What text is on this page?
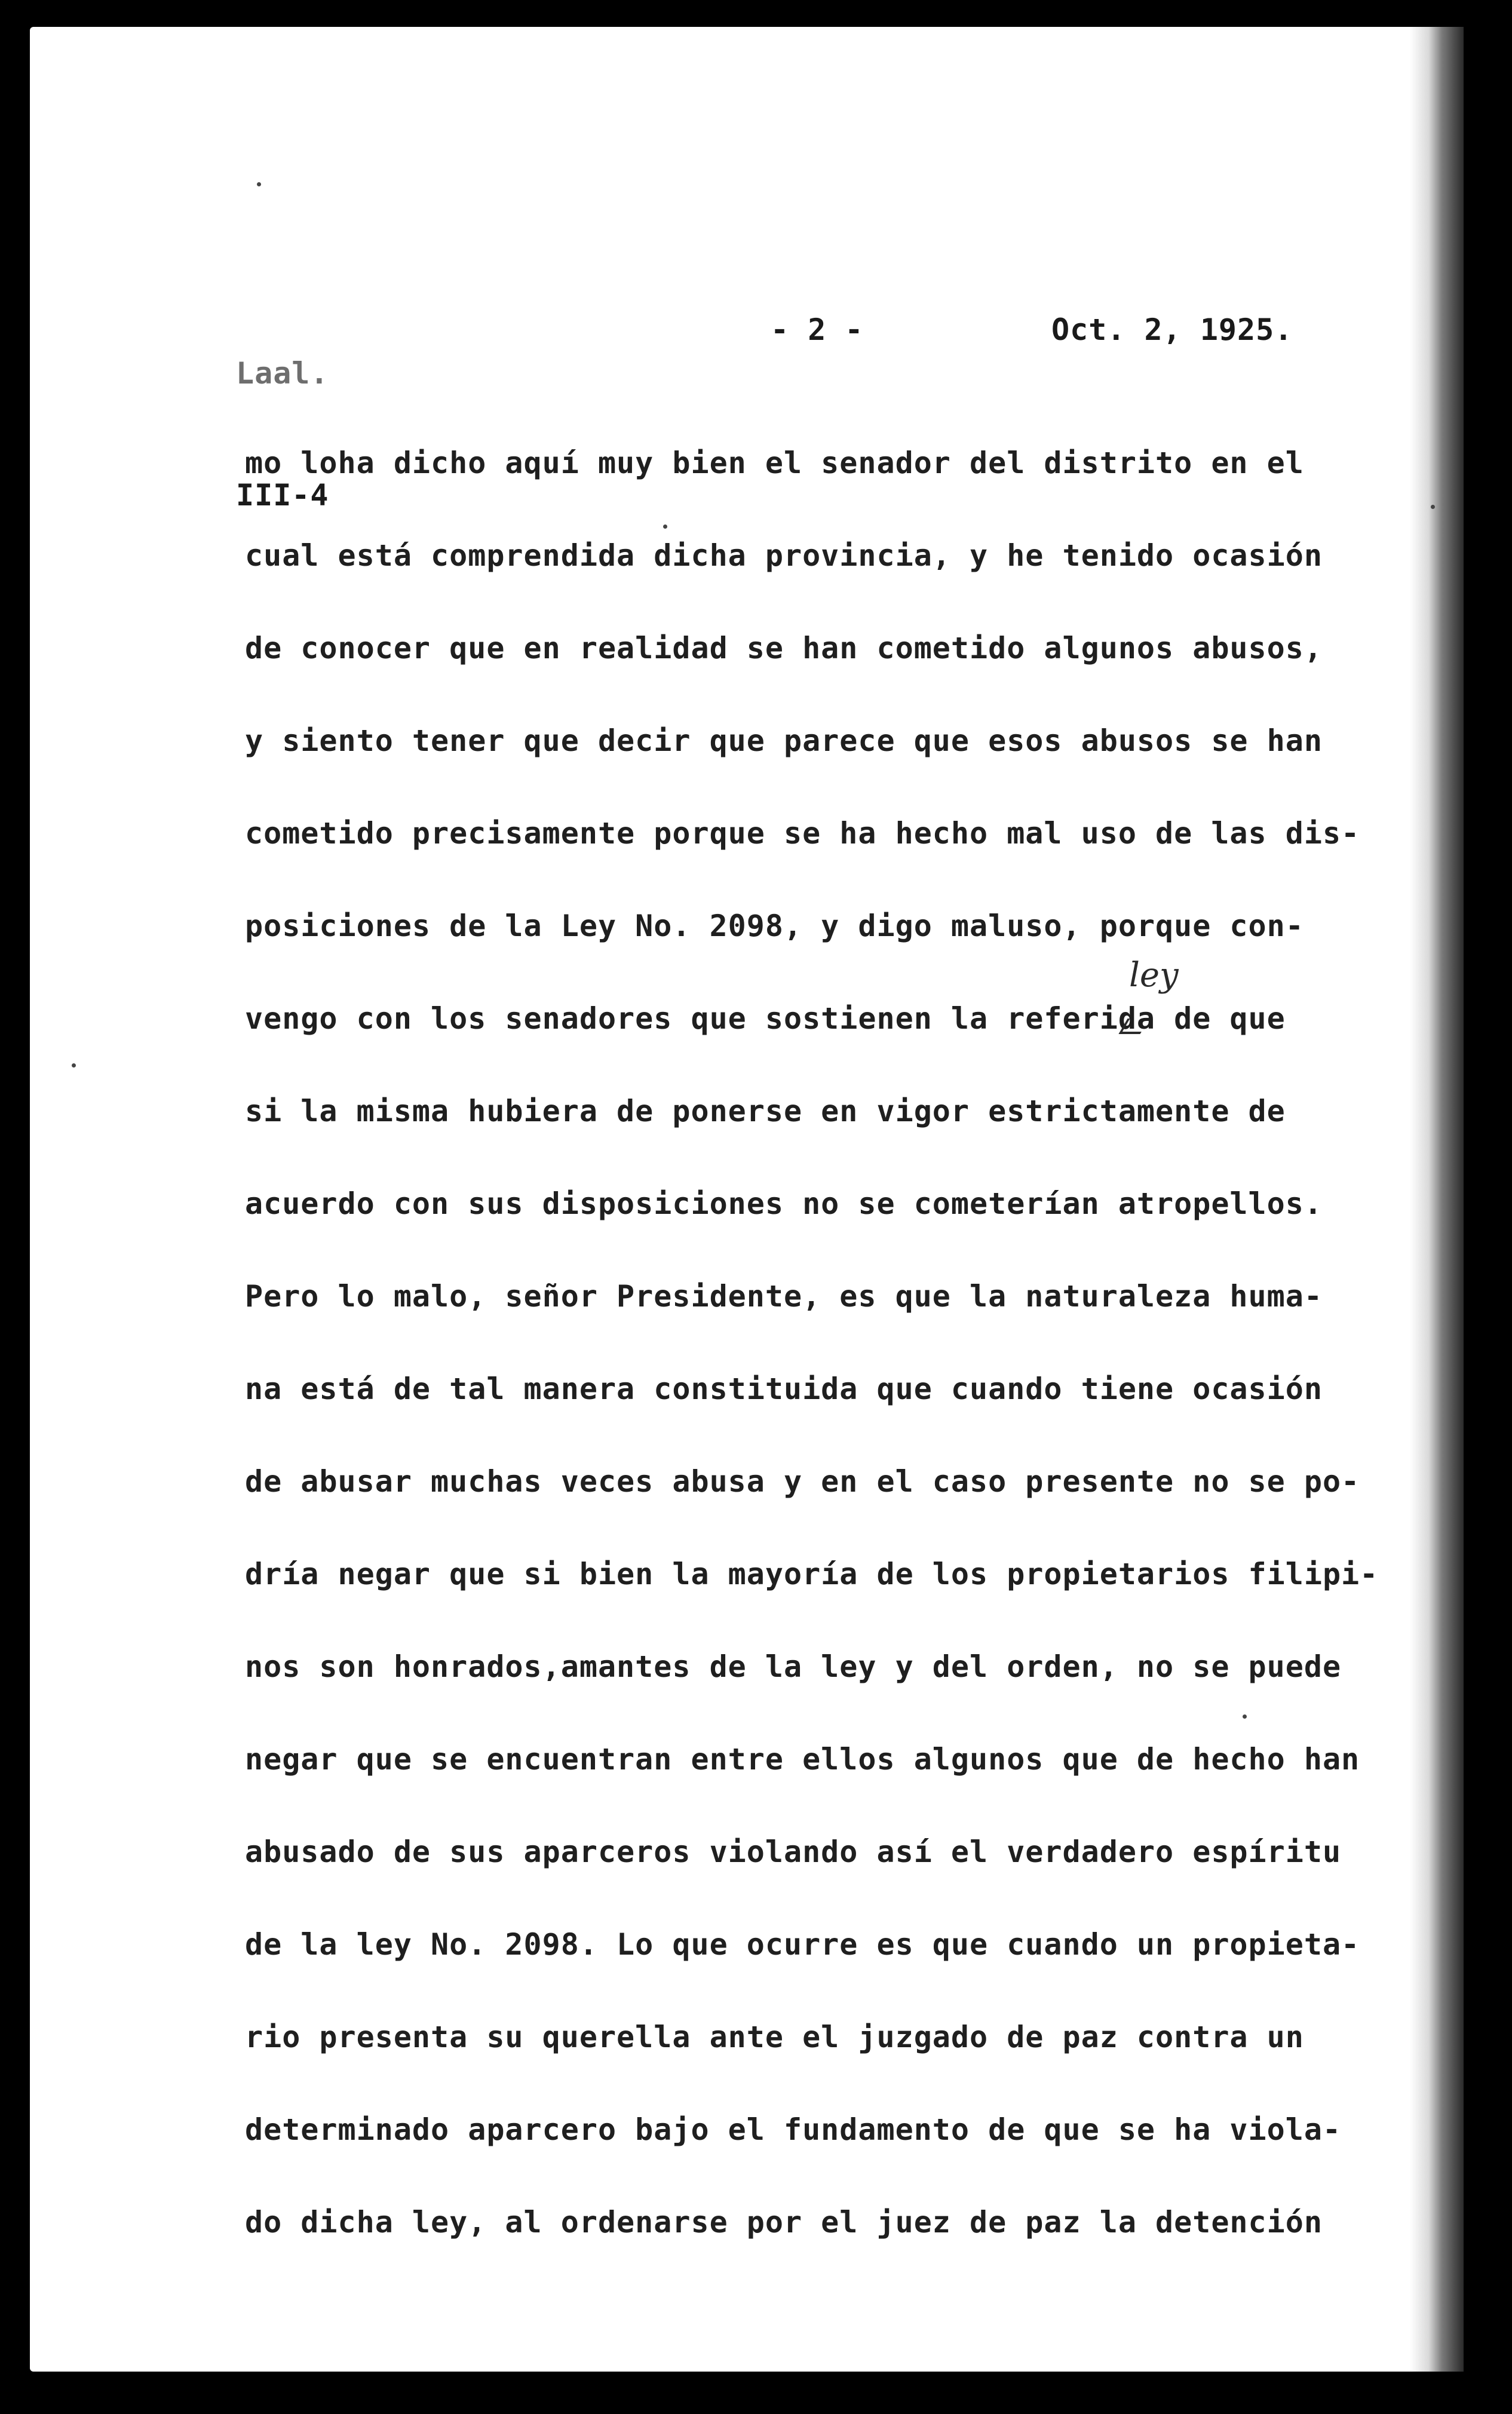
Laal.

III-4

- 2 -	Oct. 2, 1925.
mo loha dicho aquí muy bien el senador del distrito en el
cual está comprendida dicha provincia, y he tenido ocasión
de conocer que en realidad se han cometido algunos abusos,
y siento tener que decir que parece que esos abusos se han
cometido precisamente porque se ha hecho mal uso de las dis-
posiciones de la Ley No. 2098, y digo maluso, porque con-
vengo con los senadores que sostienen la referida de que
si la misma hubiera de ponerse en vigor estrictamente de
acuerdo con sus disposiciones no se cometerían atropellos.
Pero lo malo, señor Presidente, es que la naturaleza huma-
na está de tal manera constituida que cuando tiene ocasión
de abusar muchas veces abusa y en el caso presente no se po-
dría negar que si bien la mayoría de los propietarios filipi-
nos son honrados,amantes de la ley y del orden, no se puede
negar que se encuentran entre ellos algunos que de hecho han
abusado de sus aparceros violando así el verdadero espíritu
de la ley No. 2098. Lo que ocurre es que cuando un propieta-
rio presenta su querella ante el juzgado de paz contra un
determinado aparcero bajo el fundamento de que se ha viola-
do dicha ley, al ordenarse por el juez de paz la detención
ley
